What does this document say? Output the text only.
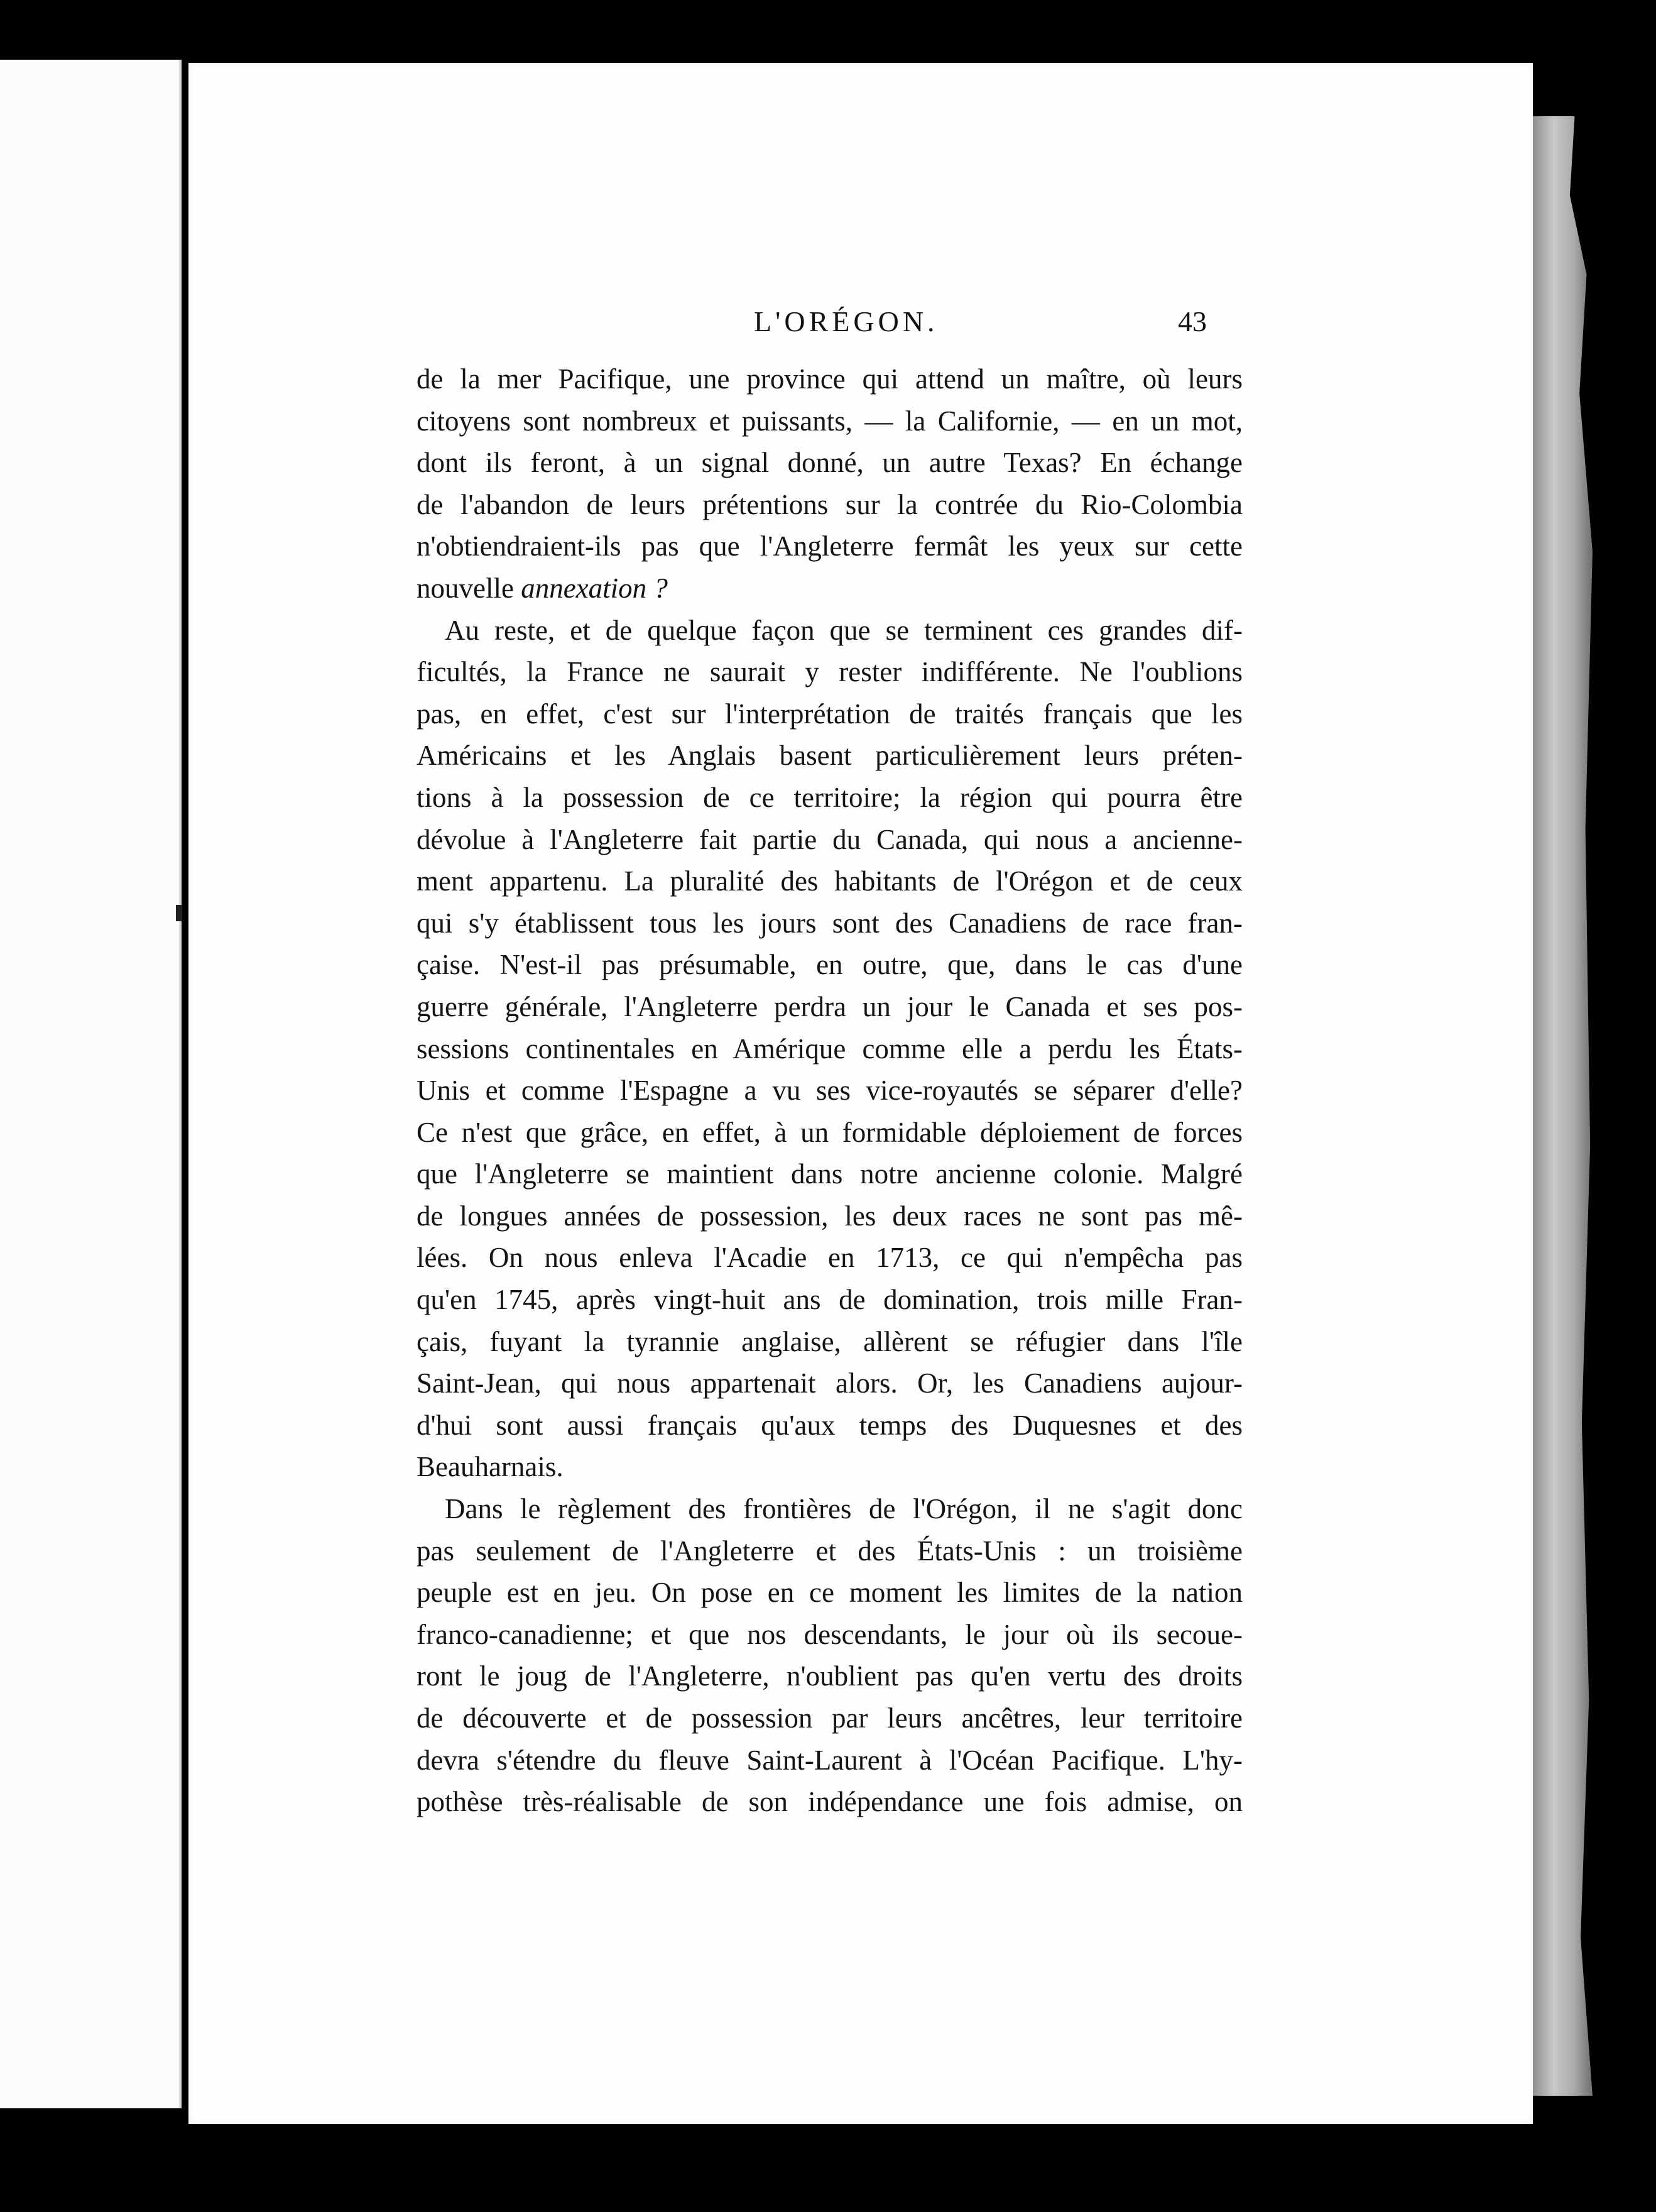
L'ORÉGON.	43
de la mer Pacifique, une province qui attend un maître, où leurs
citoyens sont nombreux et puissants, — la Californie, — en un mot,
dont ils feront, à un signal donné, un autre Texas? En échange
de l'abandon de leurs prétentions sur la contrée du Rio-Colombia
n'obtiendraient-ils pas que l'Angleterre fermât les yeux sur cette
nouvelle annexation ?
Au reste, et de quelque façon que se terminent ces grandes dif-
ficultés, la France ne saurait y rester indifférente. Ne l'oublions
pas, en effet, c'est sur l'interprétation de traités français que les
Américains et les Anglais basent particulièrement leurs préten-
tions à la possession de ce territoire; la région qui pourra être
dévolue à l'Angleterre fait partie du Canada, qui nous a ancienne-
ment appartenu. La pluralité des habitants de l'Orégon et de ceux
qui s'y établissent tous les jours sont des Canadiens de race fran-
çaise. N'est-il pas présumable, en outre, que, dans le cas d'une
guerre générale, l'Angleterre perdra un jour le Canada et ses pos-
sessions continentales en Amérique comme elle a perdu les États-
Unis et comme l'Espagne a vu ses vice-royautés se séparer d'elle?
Ce n'est que grâce, en effet, à un formidable déploiement de forces
que l'Angleterre se maintient dans notre ancienne colonie. Malgré
de longues années de possession, les deux races ne sont pas mê-
lées. On nous enleva l'Acadie en 1713, ce qui n'empêcha pas
qu'en 1745, après vingt-huit ans de domination, trois mille Fran-
çais, fuyant la tyrannie anglaise, allèrent se réfugier dans l'île
Saint-Jean, qui nous appartenait alors. Or, les Canadiens aujour-
d'hui sont aussi français qu'aux temps des Duquesnes et des
Beauharnais.
Dans le règlement des frontières de l'Orégon, il ne s'agit donc
pas seulement de l'Angleterre et des États-Unis : un troisième
peuple est en jeu. On pose en ce moment les limites de la nation
franco-canadienne; et que nos descendants, le jour où ils secoue-
ront le joug de l'Angleterre, n'oublient pas qu'en vertu des droits
de découverte et de possession par leurs ancêtres, leur territoire
devra s'étendre du fleuve Saint-Laurent à l'Océan Pacifique. L'hy-
pothèse très-réalisable de son indépendance une fois admise, on
